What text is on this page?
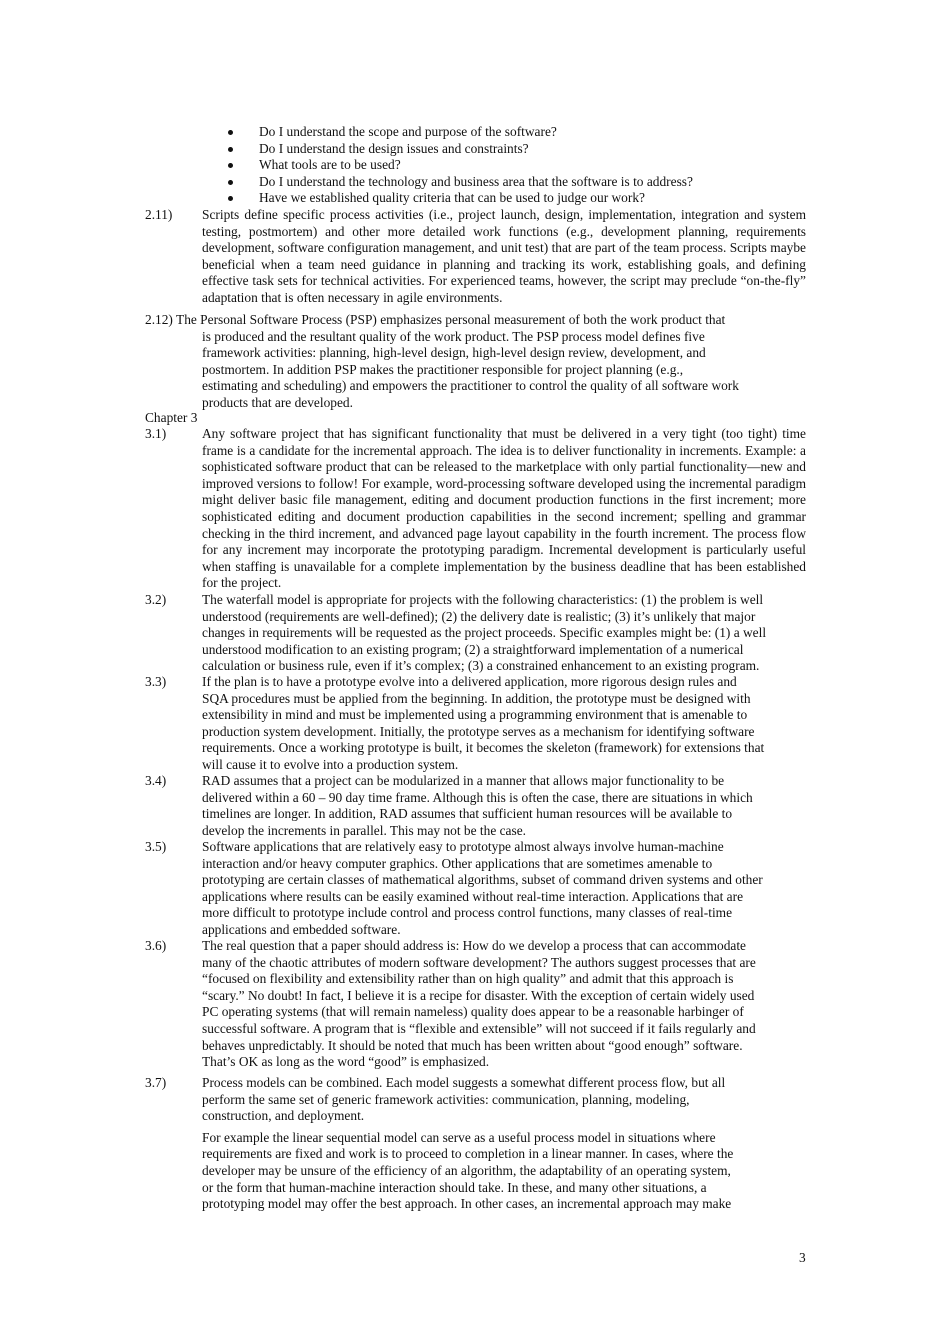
Do I understand the scope and purpose of the software?
Do I understand the design issues and constraints?
What tools are to be used?
Do I understand the technology and business area that the software is to address?
Have we established quality criteria that can be used to judge our work?
2.11) Scripts define specific process activities (i.e., project launch, design, implementation, integration and system testing, postmortem) and other more detailed work functions (e.g., development planning, requirements development, software configuration management, and unit test) that are part of the team process. Scripts maybe beneficial when a team need guidance in planning and tracking its work, establishing goals, and defining effective task sets for technical activities. For experienced teams, however, the script may preclude “on-the-fly” adaptation that is often necessary in agile environments.
2.12) The Personal Software Process (PSP) emphasizes personal measurement of both the work product that
is produced and the resultant quality of the work product. The PSP process model defines five
framework activities: planning, high-level design, high-level design review, development, and
postmortem. In addition PSP makes the practitioner responsible for project planning (e.g.,
estimating and scheduling) and empowers the practitioner to control the quality of all software work
products that are developed.
Chapter 3
3.1)	Any software project that has significant functionality that must be delivered in a very tight (too tight) time frame is a candidate for the incremental approach. The idea is to deliver functionality in increments. Example: a sophisticated software product that can be released to the marketplace with only partial functionality—new and improved versions to follow! For example, word-processing software developed using the incremental paradigm might deliver basic file management, editing and document production functions in the first increment; more sophisticated editing and document production capabilities in the second increment; spelling and grammar checking in the third increment, and advanced page layout capability in the fourth increment. The process flow for any increment may incorporate the prototyping paradigm. Incremental development is particularly useful when staffing is unavailable for a complete implementation by the business deadline that has been established for the project.
3.2)	The waterfall model is appropriate for projects with the following characteristics: (1) the problem is well
understood (requirements are well-defined); (2) the delivery date is realistic; (3) it’s unlikely that major
changes in requirements will be requested as the project proceeds. Specific examples might be: (1) a well
understood modification to an existing program; (2) a straightforward implementation of a numerical
calculation or business rule, even if it’s complex; (3) a constrained enhancement to an existing program.
3.3)	If the plan is to have a prototype evolve into a delivered application, more rigorous design rules and
SQA procedures must be applied from the beginning. In addition, the prototype must be designed with
extensibility in mind and must be implemented using a programming environment that is amenable to
production system development. Initially, the prototype serves as a mechanism for identifying software
requirements. Once a working prototype is built, it becomes the skeleton (framework) for extensions that
will cause it to evolve into a production system.
3.4)	RAD assumes that a project can be modularized in a manner that allows major functionality to be
delivered within a 60 – 90 day time frame. Although this is often the case, there are situations in which
timelines are longer. In addition, RAD assumes that sufficient human resources will be available to
develop the increments in parallel. This may not be the case.
3.5)	Software applications that are relatively easy to prototype almost always involve human-machine
interaction and/or heavy computer graphics. Other applications that are sometimes amenable to
prototyping are certain classes of mathematical algorithms, subset of command driven systems and other
applications where results can be easily examined without real-time interaction. Applications that are
more difficult to prototype include control and process control functions, many classes of real-time
applications and embedded software.
3.6)	The real question that a paper should address is: How do we develop a process that can accommodate
many of the chaotic attributes of modern software development? The authors suggest processes that are
“focused on flexibility and extensibility rather than on high quality” and admit that this approach is
“scary.” No doubt! In fact, I believe it is a recipe for disaster. With the exception of certain widely used
PC operating systems (that will remain nameless) quality does appear to be a reasonable harbinger of
successful software. A program that is “flexible and extensible” will not succeed if it fails regularly and
behaves unpredictably. It should be noted that much has been written about “good enough” software.
That’s OK as long as the word “good” is emphasized.
3.7)	Process models can be combined. Each model suggests a somewhat different process flow, but all
perform the same set of generic framework activities: communication, planning, modeling,
construction, and deployment.
For example the linear sequential model can serve as a useful process model in situations where
requirements are fixed and work is to proceed to completion in a linear manner. In cases, where the
developer may be unsure of the efficiency of an algorithm, the adaptability of an operating system,
or the form that human-machine interaction should take. In these, and many other situations, a
prototyping model may offer the best approach. In other cases, an incremental approach may make
3
